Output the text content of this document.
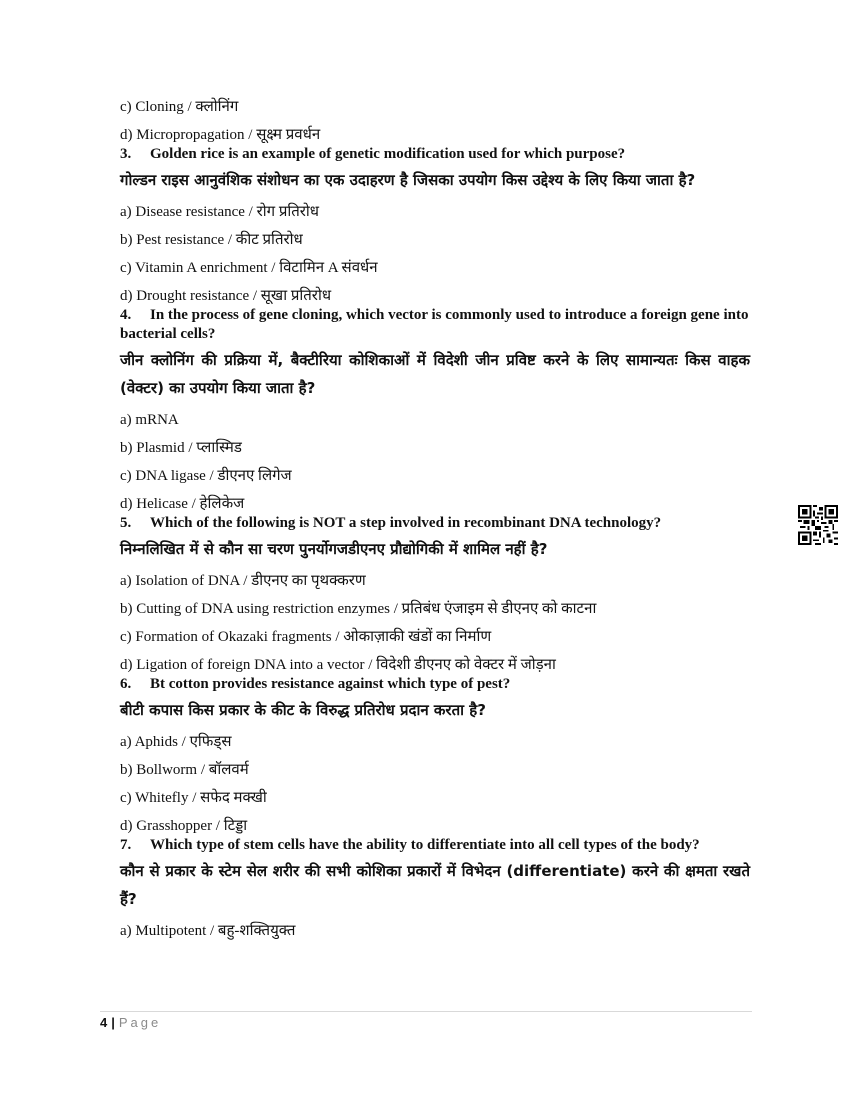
c) Cloning / क्लोनिंग

d) Micropropagation / सूक्ष्म प्रवर्धन

3. Golden rice is an example of genetic modification used for which purpose?

गोल्डन राइस आनुवंशिक संशोधन का एक उदाहरण है जिसका उपयोग किस उद्देश्य के लिए किया जाता है?

a) Disease resistance / रोग प्रतिरोध

b) Pest resistance / कीट प्रतिरोध

c) Vitamin A enrichment / विटामिन A संवर्धन

d) Drought resistance / सूखा प्रतिरोध

4. In the process of gene cloning, which vector is commonly used to introduce a foreign gene into bacterial cells?

जीन क्लोनिंग की प्रक्रिया में, बैक्टीरिया कोशिकाओं में विदेशी जीन प्रविष्ट करने के लिए सामान्यतः किस वाहक (वेक्टर) का उपयोग किया जाता है?

a) mRNA

b) Plasmid / प्लास्मिड

c) DNA ligase / डीएनए लिगेज

d) Helicase / हेलिकेज

5. Which of the following is NOT a step involved in recombinant DNA technology?

निम्नलिखित में से कौन सा चरण पुनर्योगजडीएनए प्रौद्योगिकी में शामिल नहीं है?

a) Isolation of DNA / डीएनए का पृथक्करण

b) Cutting of DNA using restriction enzymes / प्रतिबंध एंजाइम से डीएनए को काटना

c) Formation of Okazaki fragments / ओकाज़ाकी खंडों का निर्माण

d) Ligation of foreign DNA into a vector / विदेशी डीएनए को वेक्टर में जोड़ना

6. Bt cotton provides resistance against which type of pest?

बीटी कपास किस प्रकार के कीट के विरुद्ध प्रतिरोध प्रदान करता है?

a) Aphids / एफिड्स

b) Bollworm / बॉलवर्म

c) Whitefly / सफेद मक्खी

d) Grasshopper / टिड्डा

7. Which type of stem cells have the ability to differentiate into all cell types of the body?

कौन से प्रकार के स्टेम सेल शरीर की सभी कोशिका प्रकारों में विभेदन (differentiate) करने की क्षमता रखते हैं?

a) Multipotent / बहु-शक्तियुक्त

4 | Page
